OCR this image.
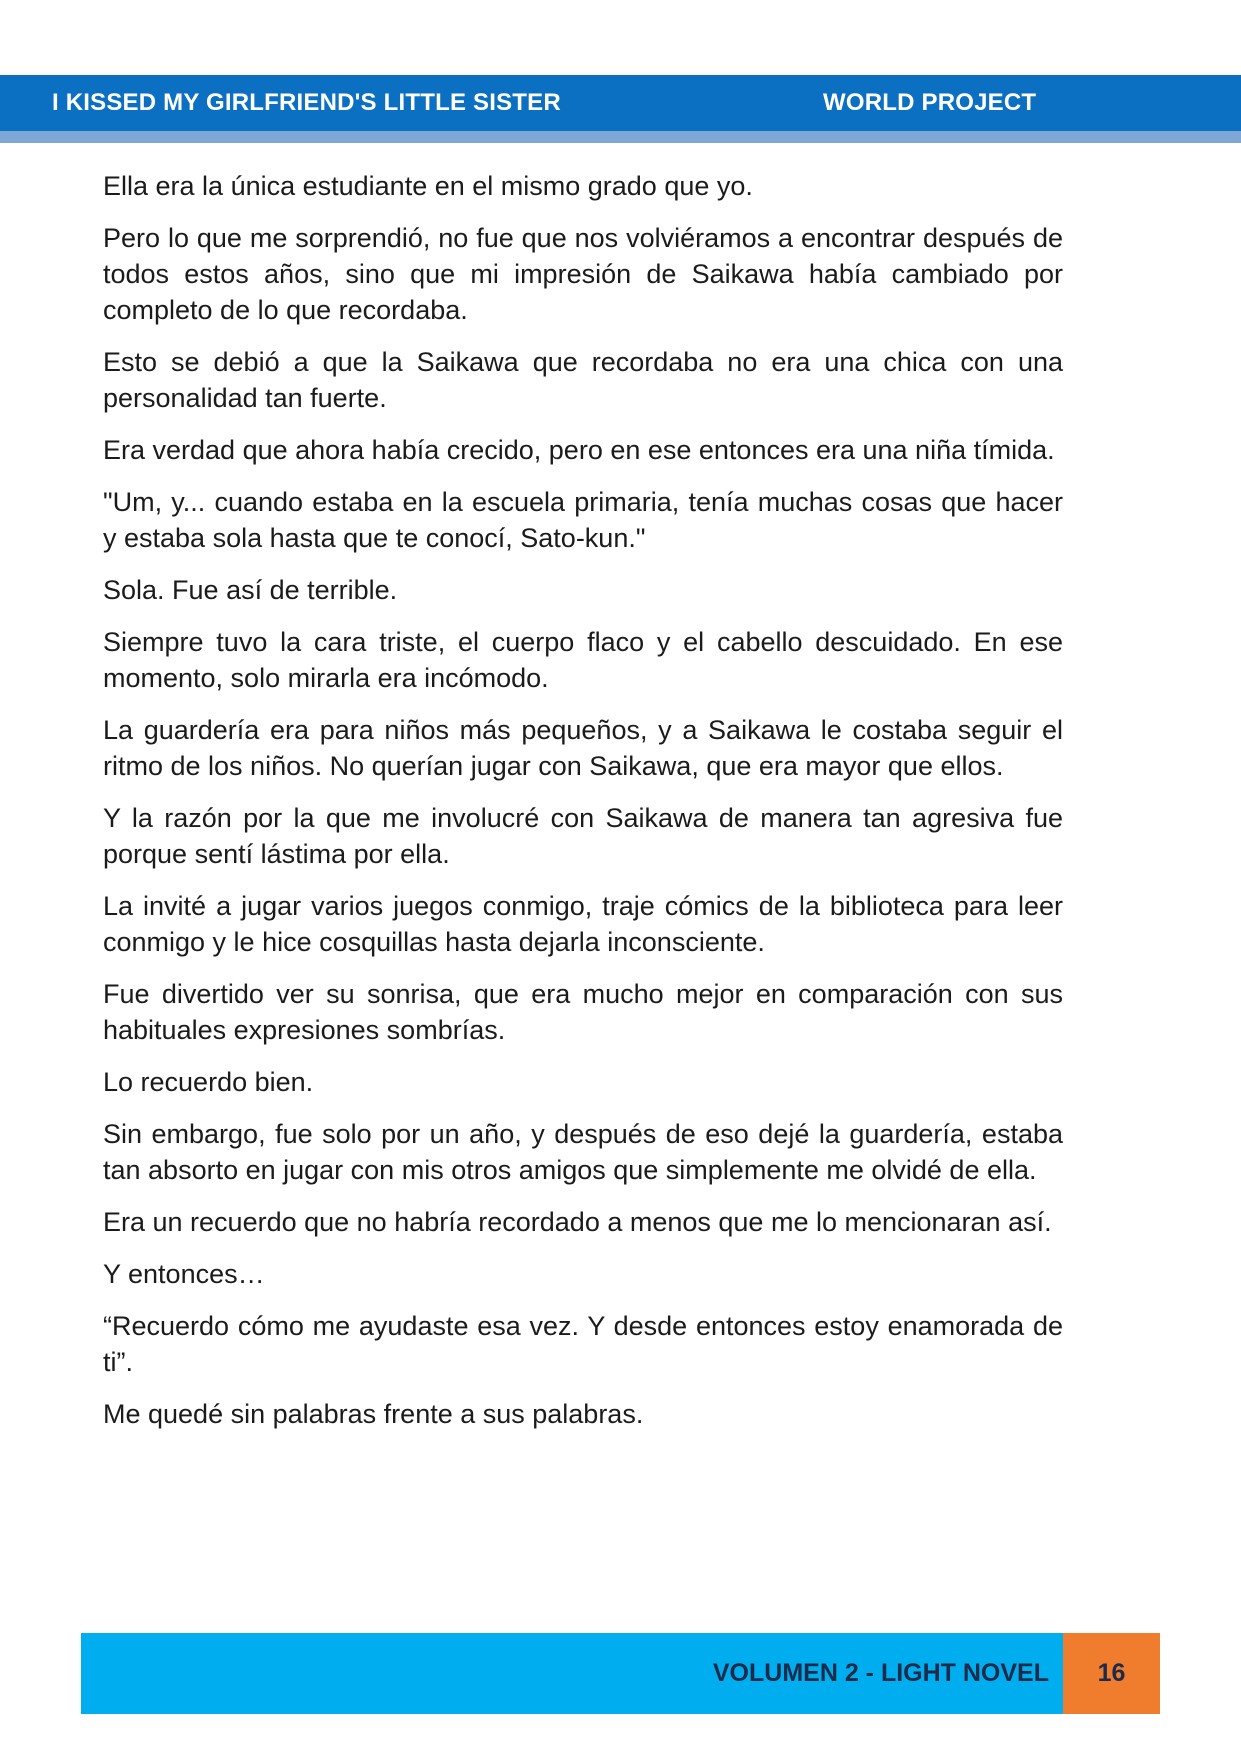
I KISSED MY GIRLFRIEND'S LITTLE SISTER	WORLD PROJECT

Ella era la única estudiante en el mismo grado que yo.

Pero lo que me sorprendió, no fue que nos volviéramos a encontrar después de todos estos años, sino que mi impresión de Saikawa había cambiado por completo de lo que recordaba.

Esto se debió a que la Saikawa que recordaba no era una chica con una personalidad tan fuerte.

Era verdad que ahora había crecido, pero en ese entonces era una niña tímida.

"Um, y... cuando estaba en la escuela primaria, tenía muchas cosas que hacer y estaba sola hasta que te conocí, Sato-kun."

Sola. Fue así de terrible.

Siempre tuvo la cara triste, el cuerpo flaco y el cabello descuidado. En ese momento, solo mirarla era incómodo.

La guardería era para niños más pequeños, y a Saikawa le costaba seguir el ritmo de los niños. No querían jugar con Saikawa, que era mayor que ellos.

Y la razón por la que me involucré con Saikawa de manera tan agresiva fue porque sentí lástima por ella.

La invité a jugar varios juegos conmigo, traje cómics de la biblioteca para leer conmigo y le hice cosquillas hasta dejarla inconsciente.

Fue divertido ver su sonrisa, que era mucho mejor en comparación con sus habituales expresiones sombrías.

Lo recuerdo bien.

Sin embargo, fue solo por un año, y después de eso dejé la guardería, estaba tan absorto en jugar con mis otros amigos que simplemente me olvidé de ella.

Era un recuerdo que no habría recordado a menos que me lo mencionaran así.

Y entonces…

“Recuerdo cómo me ayudaste esa vez. Y desde entonces estoy enamorada de ti”.

Me quedé sin palabras frente a sus palabras.

VOLUMEN 2 - LIGHT NOVEL	16
